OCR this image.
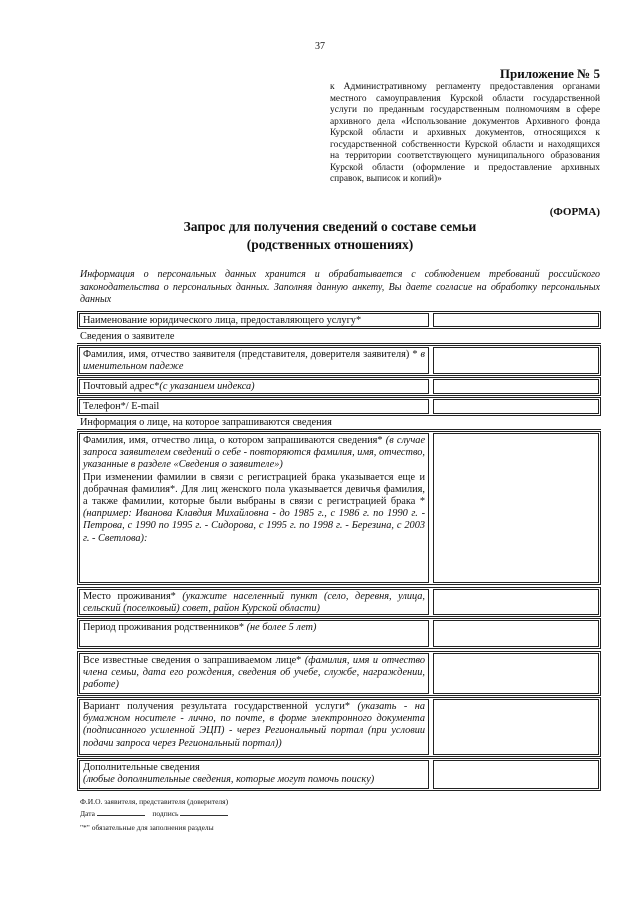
37
Приложение № 5
к Административному регламенту предоставления органами местного самоуправления Курской области государственной услуги по преданным государственным полномочиям в сфере архивного дела «Использование документов Архивного фонда Курской области и архивных документов, относящихся к государственной собственности Курской области и находящихся на территории соответствующего муниципального образования Курской области (оформление и предоставление архивных справок, выписок и копий)»
(ФОРМА)
Запрос для получения сведений о составе семьи
(родственных отношениях)
Информация о персональных данных хранится и обрабатывается с соблюдением требований российского законодательства о персональных данных. Заполняя данную анкету, Вы даете согласие на обработку персональных данных
Наименование юридического лица, предоставляющего услугу*
Сведения о заявителе
Фамилия, имя, отчество заявителя (представителя, доверителя заявителя) * в именительном падеже
Почтовый адрес*(с указанием индекса)
Телефон*/ E-mail
Информация о лице, на которое запрашиваются сведения
Фамилия, имя, отчество лица, о котором запрашиваются сведения* (в случае запроса заявителем сведений о себе - повторяются фамилия, имя, отчество, указанные в разделе «Сведения о заявителе»)
При изменении фамилии в связи с регистрацией брака указывается еще и добрачная фамилия*. Для лиц женского пола указывается девичья фамилия, а также фамилии, которые были выбраны в связи с регистрацией брака * (например: Иванова Клавдия Михайловна - до 1985 г., с 1986 г. по 1990 г. - Петрова, с 1990 по 1995 г. - Сидорова, с 1995 г. по 1998 г. - Березина, с 2003 г. - Светлова):
Место проживания* (укажите населенный пункт (село, деревня, улица, сельский (поселковый) совет, район Курской области)
Период проживания родственников* (не более 5 лет)
Все известные сведения о запрашиваемом лице* (фамилия, имя и отчество члена семьи, дата его рождения, сведения об учебе, службе, награждении, работе)
Вариант получения результата государственной услуги* (указать - на бумажном носителе - лично, по почте, в форме электронного документа (подписанного усиленной ЭЦП) - через Региональный портал (при условии подачи запроса через Региональный портал))
Дополнительные сведения
(любые дополнительные сведения, которые могут помочь поиску)
Ф.И.О. заявителя, представителя (доверителя)
Дата	подпись
"*" обязательные для заполнения разделы
